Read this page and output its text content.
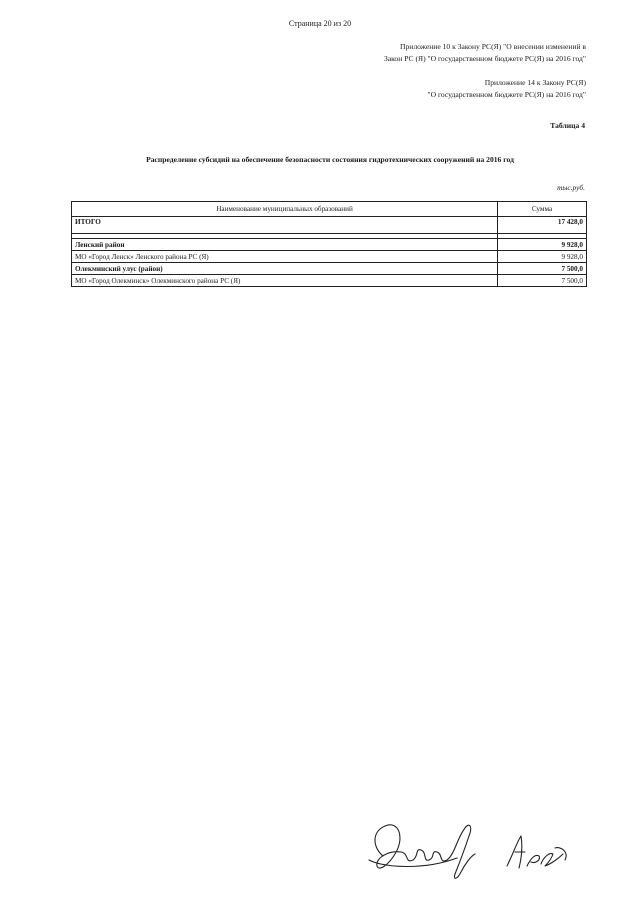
Страница 20 из 20
Приложение 10 к Закону РС(Я) "О внесении изменений в
Закон РС (Я) "О государственном бюджете РС(Я) на 2016 год"
Приложение 14 к Закону РС(Я)
"О государственном бюджете РС(Я) на 2016 год"
Таблица 4
Распределение субсидий на обеспечение безопасности состояния гидротехнических сооружений на 2016 год
тыс.руб.
Наименование муниципальных образований	Сумма
ИТОГО	17 428,0

Ленский район	9 928,0
МО «Город Ленск» Ленского района РС (Я)	9 928,0
Олекминский улус (район)	7 500,0
МО «Город Олекминск» Олекминского района РС (Я)	7 500,0
